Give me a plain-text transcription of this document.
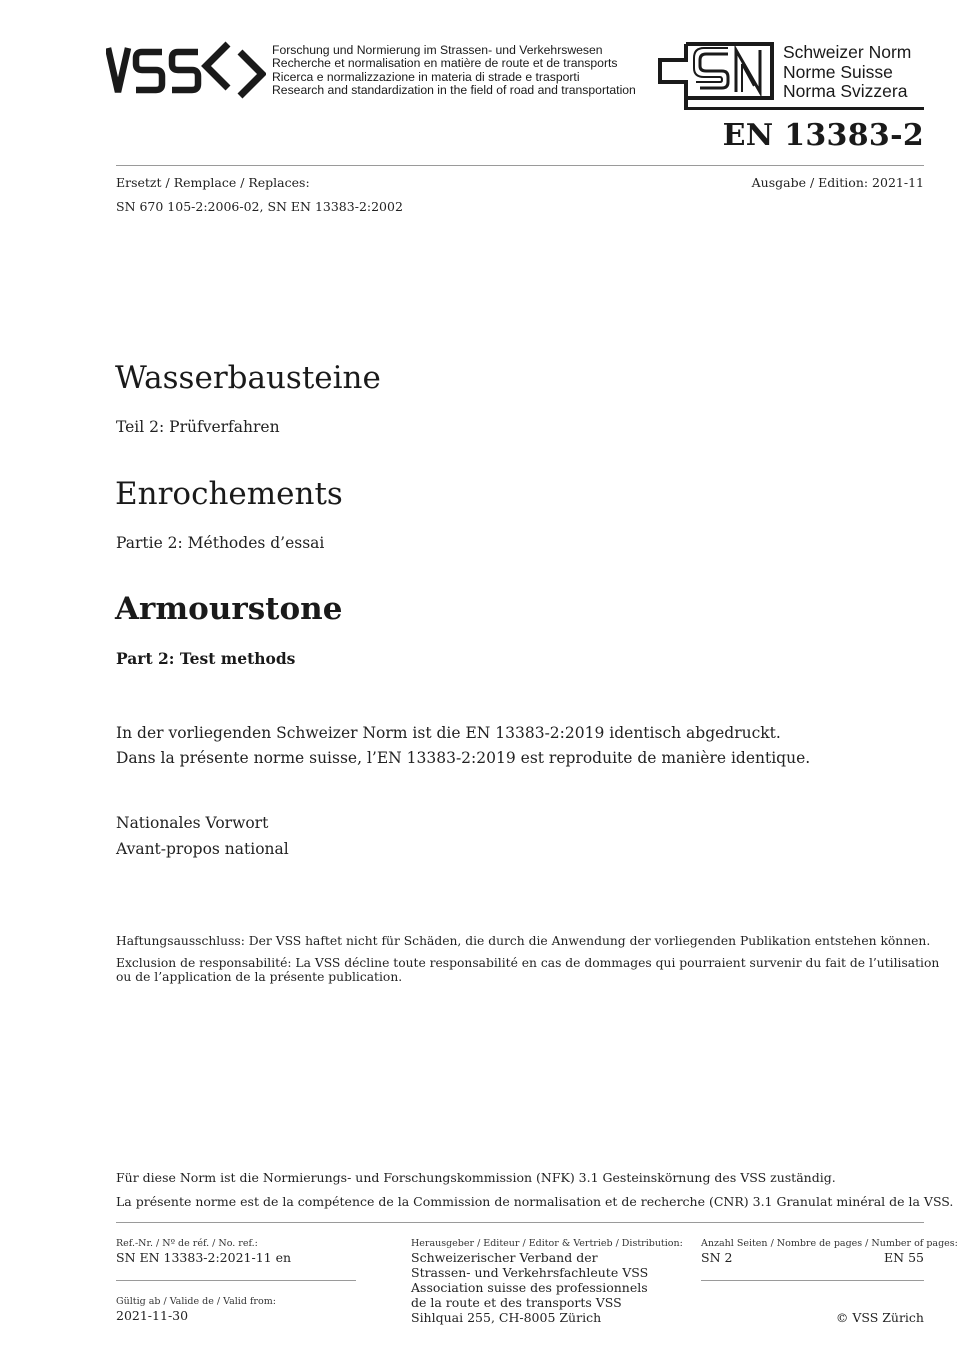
Forschung und Normierung im Strassen- und Verkehrswesen
Recherche et normalisation en matière de route et de transports
Ricerca e normalizzazione in materia di strade e trasporti
Research and standardization in the field of road and transportation
Schweizer Norm
Norme Suisse
Norma Svizzera
EN 13383-2
Ersetzt / Remplace / Replaces:	Ausgabe / Edition: 2021-11
SN 670 105-2:2006-02, SN EN 13383-2:2002
Wasserbausteine
Teil 2: Prüfverfahren
Enrochements
Partie 2: Méthodes d’essai
Armourstone
Part 2: Test methods
In der vorliegenden Schweizer Norm ist die EN 13383-2:2019 identisch abgedruckt.
Dans la présente norme suisse, l’EN 13383-2:2019 est reproduite de manière identique.
Nationales Vorwort
Avant-propos national
Haftungsausschluss: Der VSS haftet nicht für Schäden, die durch die Anwendung der vorliegenden Publikation entstehen können.
Exclusion de responsabilité: La VSS décline toute responsabilité en cas de dommages qui pourraient survenir du fait de l’utilisation
ou de l’application de la présente publication.
Für diese Norm ist die Normierungs- und Forschungskommission (NFK) 3.1 Gesteinskörnung des VSS zuständig.
La présente norme est de la compétence de la Commission de normalisation et de recherche (CNR) 3.1 Granulat minéral de la VSS.
Ref.-Nr. / Nº de réf. / No. ref.:
SN EN 13383-2:2021-11 en
Gültig ab / Valide de / Valid from:
2021-11-30
Herausgeber / Editeur / Editor & Vertrieb / Distribution:
Schweizerischer Verband der
Strassen- und Verkehrsfachleute VSS
Association suisse des professionnels
de la route et des transports VSS
Sihlquai 255, CH-8005 Zürich
Anzahl Seiten / Nombre de pages / Number of pages:
SN 2	EN 55
© VSS Zürich
